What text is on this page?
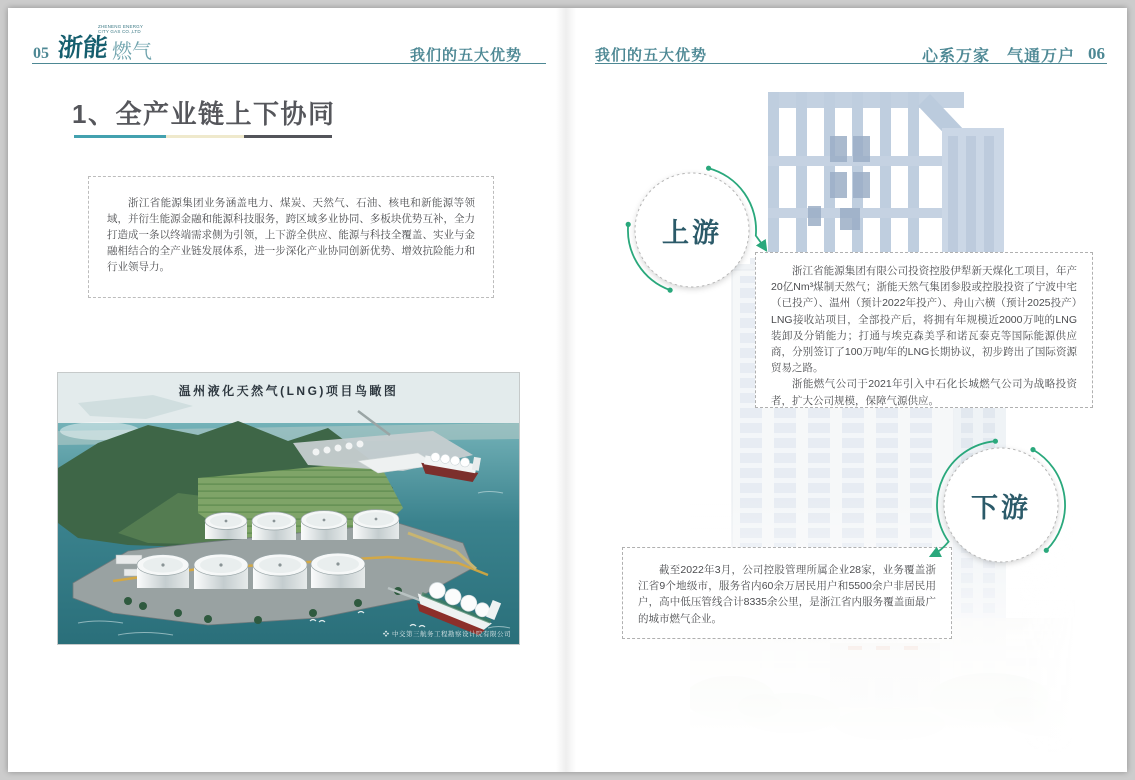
05 浙能 燃气
ZHENENG ENERGY
CITY GAS CO.,LTD
我们的五大优势
1、全产业链上下协同

浙江省能源集团业务涵盖电力、煤炭、天然气、石油、核电和新能源等领域，并衍生能源金融和能源科技服务，跨区域多业协同、多板块优势互补，全力打造成一条以终端需求侧为引领，上下游全供应、能源与科技全覆盖、实业与金融相结合的全产业链发展体系，进一步深化产业协同创新优势、增效抗险能力和行业领导力。

温州液化天然气(LNG)项目鸟瞰图
❖ 中交第三航务工程勘察设计院有限公司
我们的五大优势	心系万家　气通万户 06

浙江省能源集团有限公司投资控股伊犁新天煤化工项目，年产20亿Nm³煤制天然气；浙能天然气集团参股或控股投资了宁波中宅（已投产）、温州（预计2022年投产）、舟山六横（预计2025投产）LNG接收站项目，全部投产后，将拥有年规模近2000万吨的LNG装卸及分销能力；打通与埃克森美孚和诺瓦泰克等国际能源供应商，分别签订了100万吨/年的LNG长期协议，初步跨出了国际资源贸易之路。

浙能燃气公司于2021年引入中石化长城燃气公司为战略投资者，扩大公司规模，保障气源供应。

截至2022年3月，公司控股管理所属企业28家，业务覆盖浙江省9个地级市，服务省内60余万居民用户和5500余户非居民用户，高中低压管线合计8335余公里，是浙江省内服务覆盖面最广的城市燃气企业。

上游
下游
